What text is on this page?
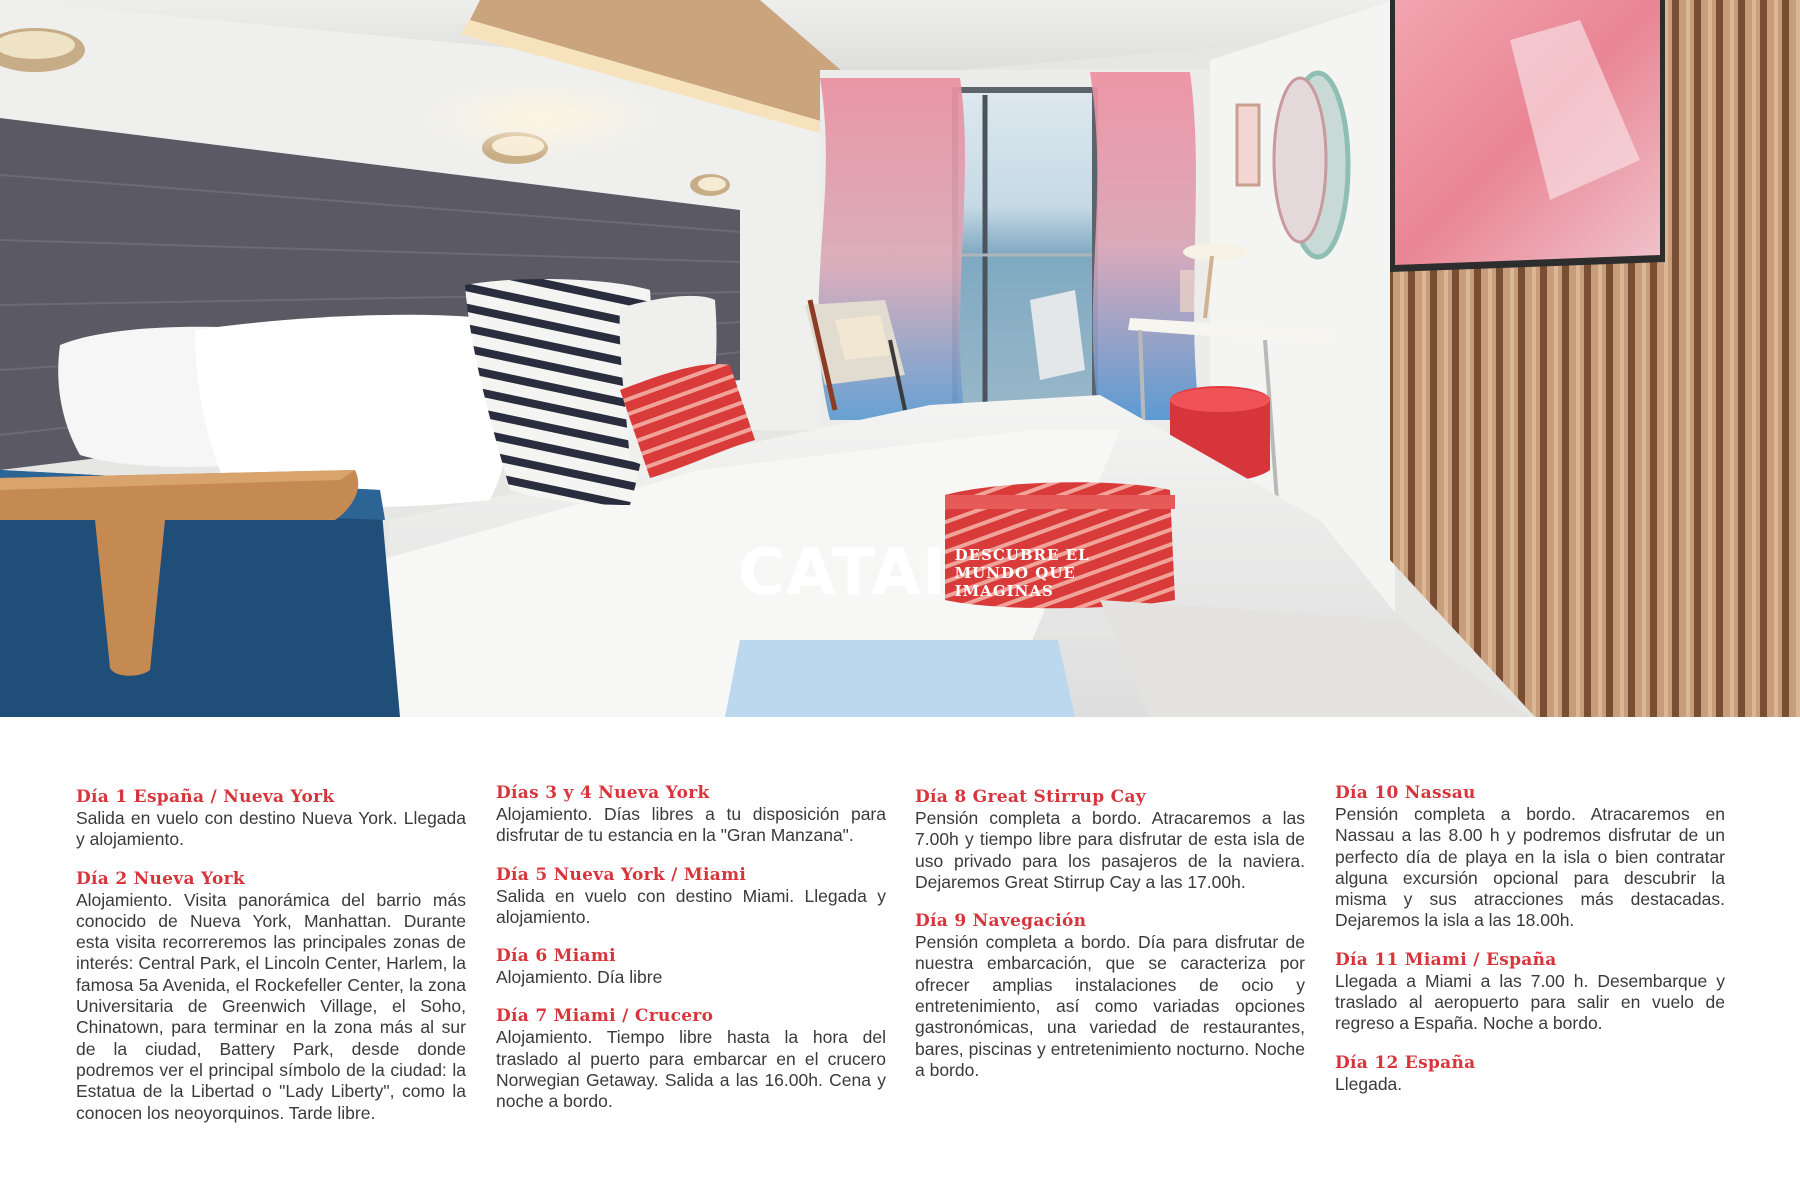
CATAI DESCUBRE EL
MUNDO QUE
IMAGINAS
Día 1 España / Nueva York
Salida en vuelo con destino Nueva York. Llegada y alojamiento.
Día 2 Nueva York
Alojamiento. Visita panorámica del barrio más conocido de Nueva York, Manhattan. Durante esta visita recorreremos las principales zonas de interés: Central Park, el Lincoln Center, Harlem, la famosa 5a Avenida, el Rockefeller Center, la zona Universitaria de Greenwich Village, el Soho, Chinatown, para terminar en la zona más al sur de la ciudad, Battery Park, desde donde podremos ver el principal símbolo de la ciudad: la Estatua de la Libertad o "Lady Liberty", como la conocen los neoyorquinos. Tarde libre.
Días 3 y 4 Nueva York
Alojamiento. Días libres a tu disposición para disfrutar de tu estancia en la "Gran Manzana".
Día 5 Nueva York / Miami
Salida en vuelo con destino Miami. Llegada y alojamiento.
Día 6 Miami
Alojamiento. Día libre
Día 7 Miami / Crucero
Alojamiento. Tiempo libre hasta la hora del traslado al puerto para embarcar en el crucero Norwegian Getaway. Salida a las 16.00h. Cena y noche a bordo.
Día 8 Great Stirrup Cay
Pensión completa a bordo. Atracaremos a las 7.00h y tiempo libre para disfrutar de esta isla de uso privado para los pasajeros de la naviera. Dejaremos Great Stirrup Cay a las 17.00h.
Día 9 Navegación
Pensión completa a bordo. Día para disfrutar de nuestra embarcación, que se caracteriza por ofrecer amplias instalaciones de ocio y entretenimiento, así como variadas opciones gastronómicas, una variedad de restaurantes, bares, piscinas y entretenimiento nocturno. Noche a bordo.
Día 10 Nassau
Pensión completa a bordo. Atracaremos en Nassau a las 8.00 h y podremos disfrutar de un perfecto día de playa en la isla o bien contratar alguna excursión opcional para descubrir la misma y sus atracciones más destacadas. Dejaremos la isla a las 18.00h.
Día 11 Miami / España
Llegada a Miami a las 7.00 h. Desembarque y traslado al aeropuerto para salir en vuelo de regreso a España. Noche a bordo.
Día 12 España
Llegada.
